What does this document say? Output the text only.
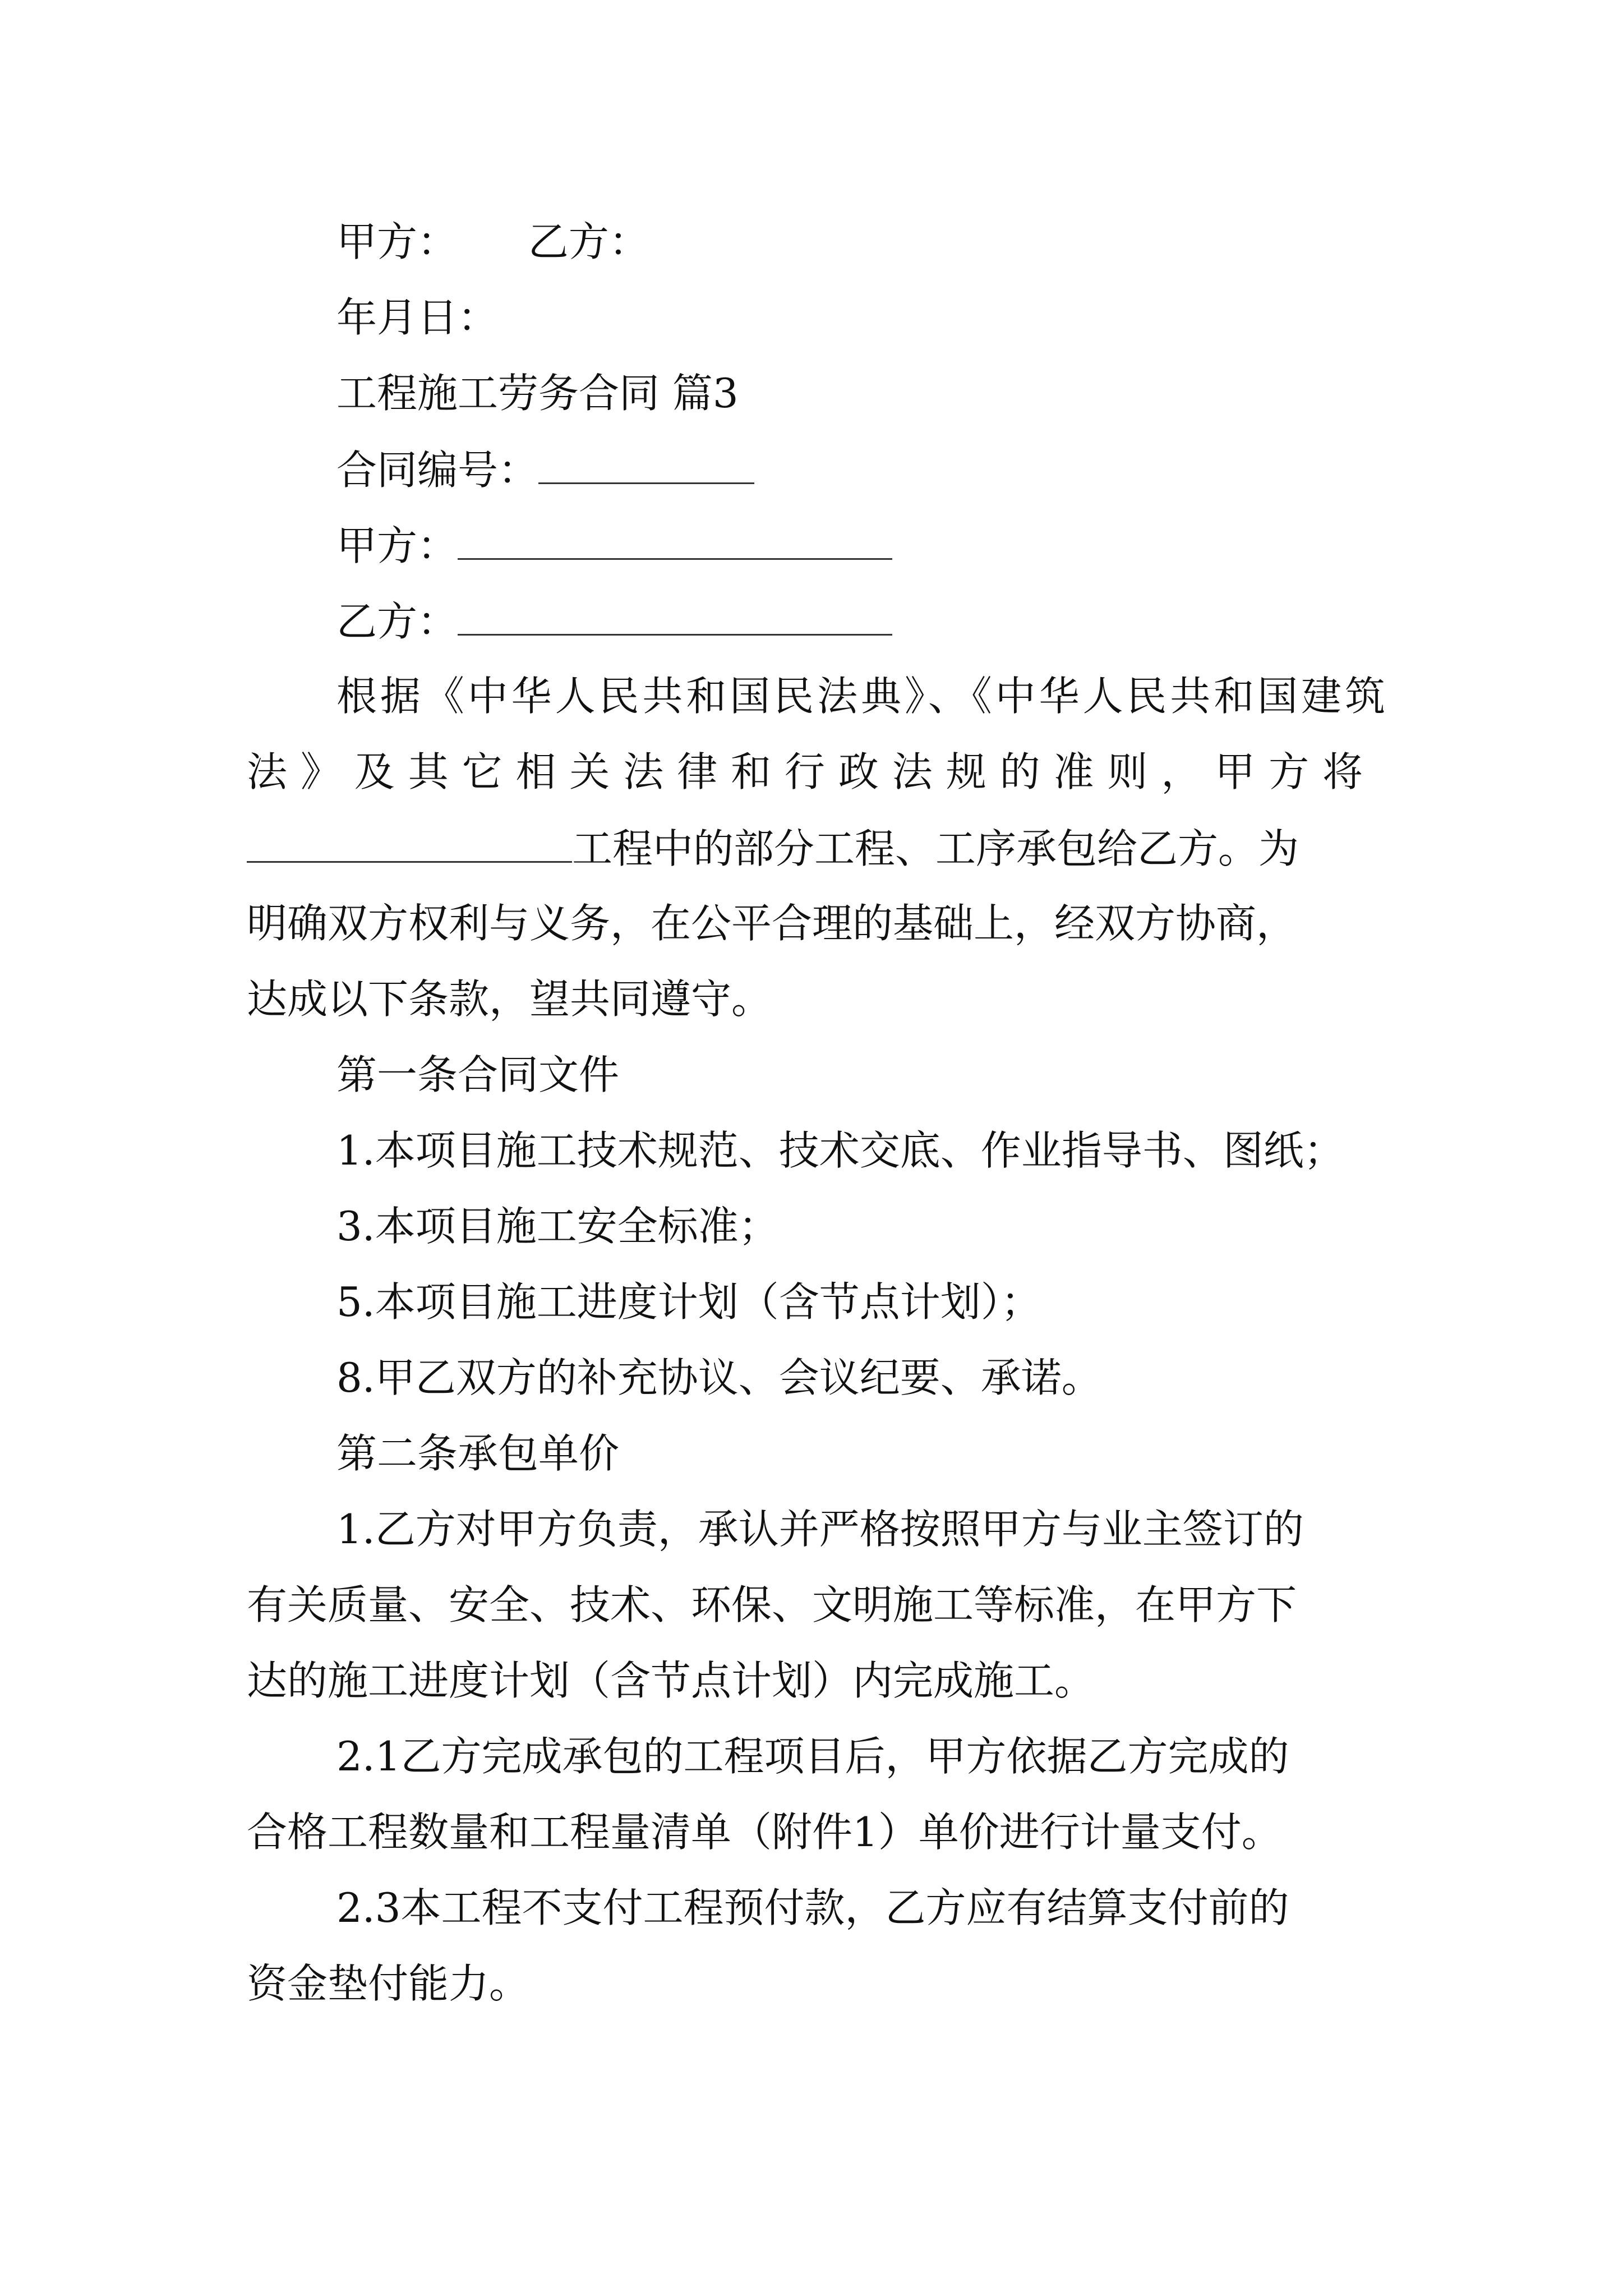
甲方： 乙方：
年月日：
工程施工劳务合同 篇3
合同编号：
甲方：
乙方：
根据《中华人民共和国民法典》、《中华人民共和国建筑
法》及其它相关法律和行政法规的准则，甲方将
工程中的部分工程、工序承包给乙方。为
明确双方权利与义务，在公平合理的基础上，经双方协商，
达成以下条款，望共同遵守。
第一条合同文件
1.本项目施工技术规范、技术交底、作业指导书、图纸；
3.本项目施工安全标准；
5.本项目施工进度计划（含节点计划）；
8.甲乙双方的补充协议、会议纪要、承诺。
第二条承包单价
1.乙方对甲方负责，承认并严格按照甲方与业主签订的
有关质量、安全、技术、环保、文明施工等标准，在甲方下
达的施工进度计划（含节点计划）内完成施工。
2.1乙方完成承包的工程项目后，甲方依据乙方完成的
合格工程数量和工程量清单（附件1）单价进行计量支付。
2.3本工程不支付工程预付款，乙方应有结算支付前的
资金垫付能力。
